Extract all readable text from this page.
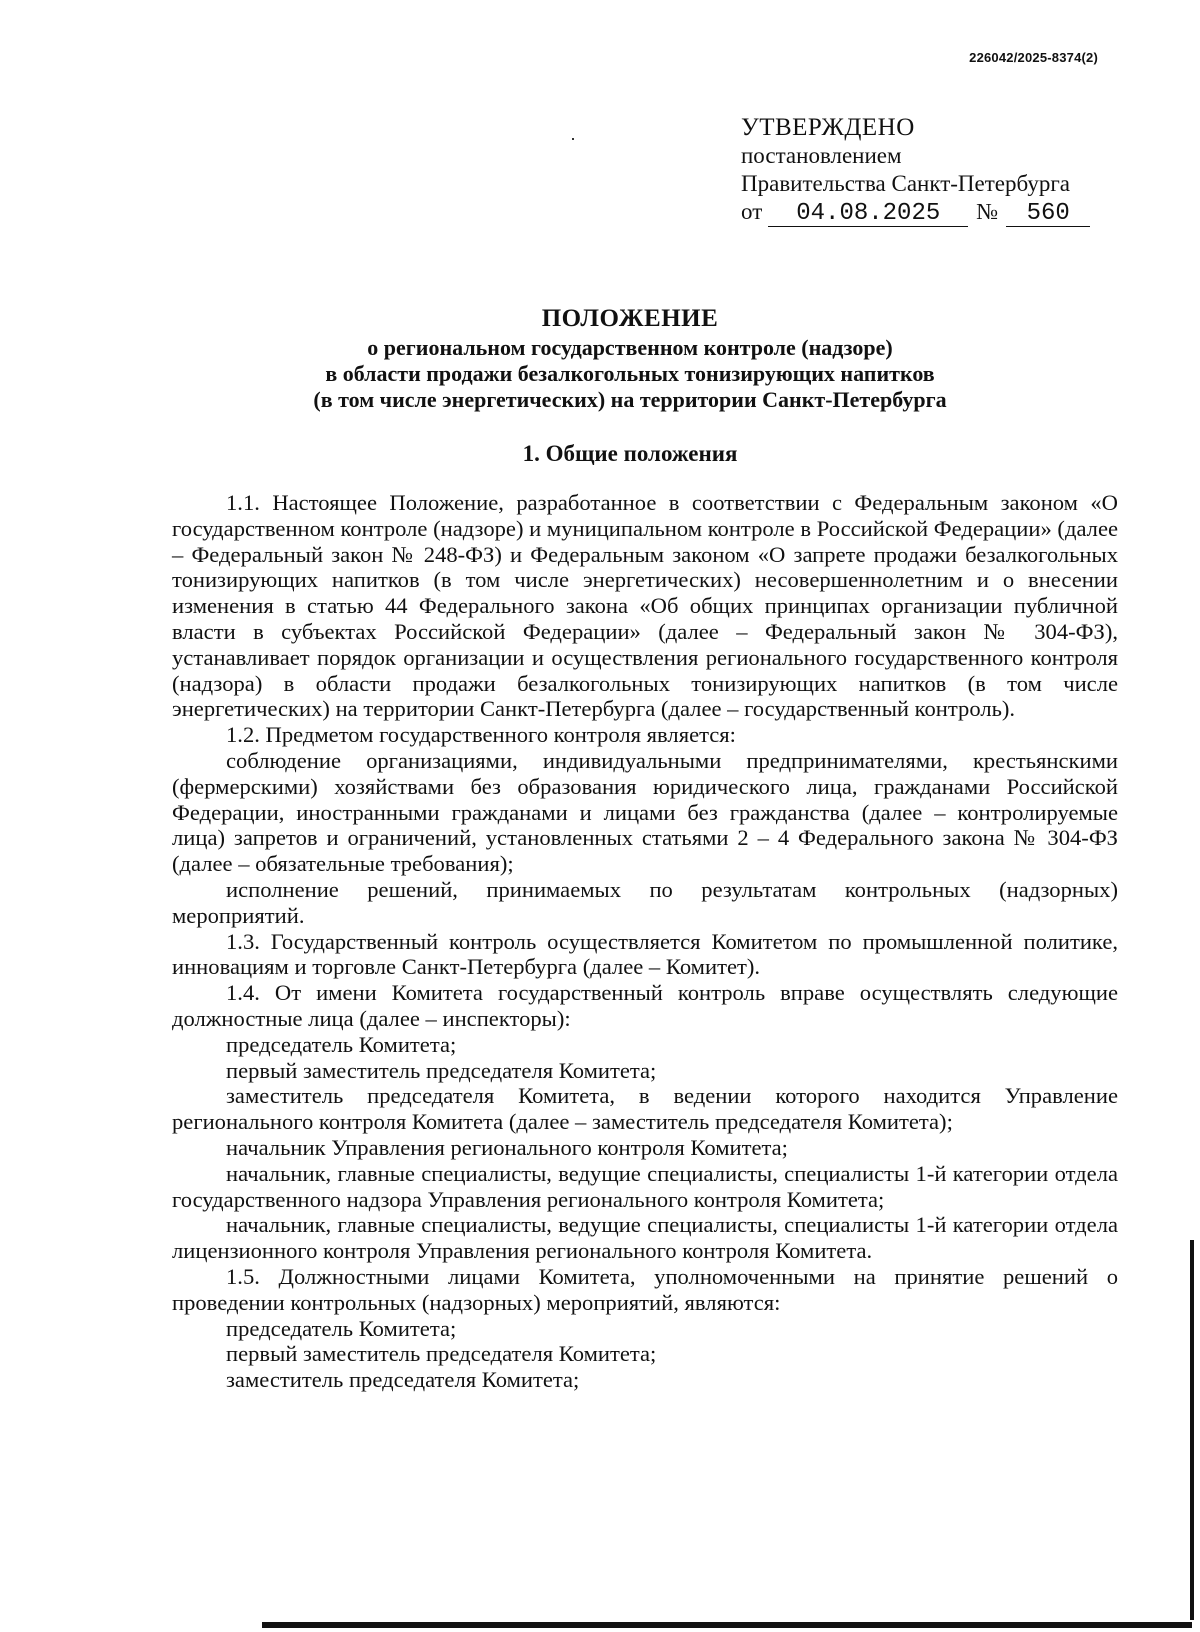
226042/2025-8374(2)
УТВЕРЖДЕНО
постановлением
Правительства Санкт-Петербурга
от 04.08.2025 № 560
ПОЛОЖЕНИЕ
о региональном государственном контроле (надзоре)
в области продажи безалкогольных тонизирующих напитков
(в том числе энергетических) на территории Санкт-Петербурга
1. Общие положения

1.1. Настоящее Положение, разработанное в соответствии с Федеральным законом «О государственном контроле (надзоре) и муниципальном контроле в Российской Федерации» (далее – Федеральный закон № 248-ФЗ) и Федеральным законом «О запрете продажи безалкогольных тонизирующих напитков (в том числе энергетических) несовершеннолетним и о внесении изменения в статью 44 Федерального закона «Об общих принципах организации публичной власти в субъектах Российской Федерации» (далее – Федеральный закон № 304-ФЗ), устанавливает порядок организации и осуществления регионального государственного контроля (надзора) в области продажи безалкогольных тонизирующих напитков (в том числе энергетических) на территории Санкт-Петербурга (далее – государственный контроль).

1.2. Предметом государственного контроля является:

соблюдение организациями, индивидуальными предпринимателями, крестьянскими (фермерскими) хозяйствами без образования юридического лица, гражданами Российской Федерации, иностранными гражданами и лицами без гражданства (далее – контролируемые лица) запретов и ограничений, установленных статьями 2 – 4 Федерального закона № 304-ФЗ (далее – обязательные требования);

исполнение решений, принимаемых по результатам контрольных (надзорных) мероприятий.

1.3. Государственный контроль осуществляется Комитетом по промышленной политике, инновациям и торговле Санкт-Петербурга (далее – Комитет).

1.4. От имени Комитета государственный контроль вправе осуществлять следующие должностные лица (далее – инспекторы):

председатель Комитета;

первый заместитель председателя Комитета;

заместитель председателя Комитета, в ведении которого находится Управление регионального контроля Комитета (далее – заместитель председателя Комитета);

начальник Управления регионального контроля Комитета;

начальник, главные специалисты, ведущие специалисты, специалисты 1-й категории отдела государственного надзора Управления регионального контроля Комитета;

начальник, главные специалисты, ведущие специалисты, специалисты 1-й категории отдела лицензионного контроля Управления регионального контроля Комитета.

1.5. Должностными лицами Комитета, уполномоченными на принятие решений о проведении контрольных (надзорных) мероприятий, являются:

председатель Комитета;

первый заместитель председателя Комитета;

заместитель председателя Комитета;
